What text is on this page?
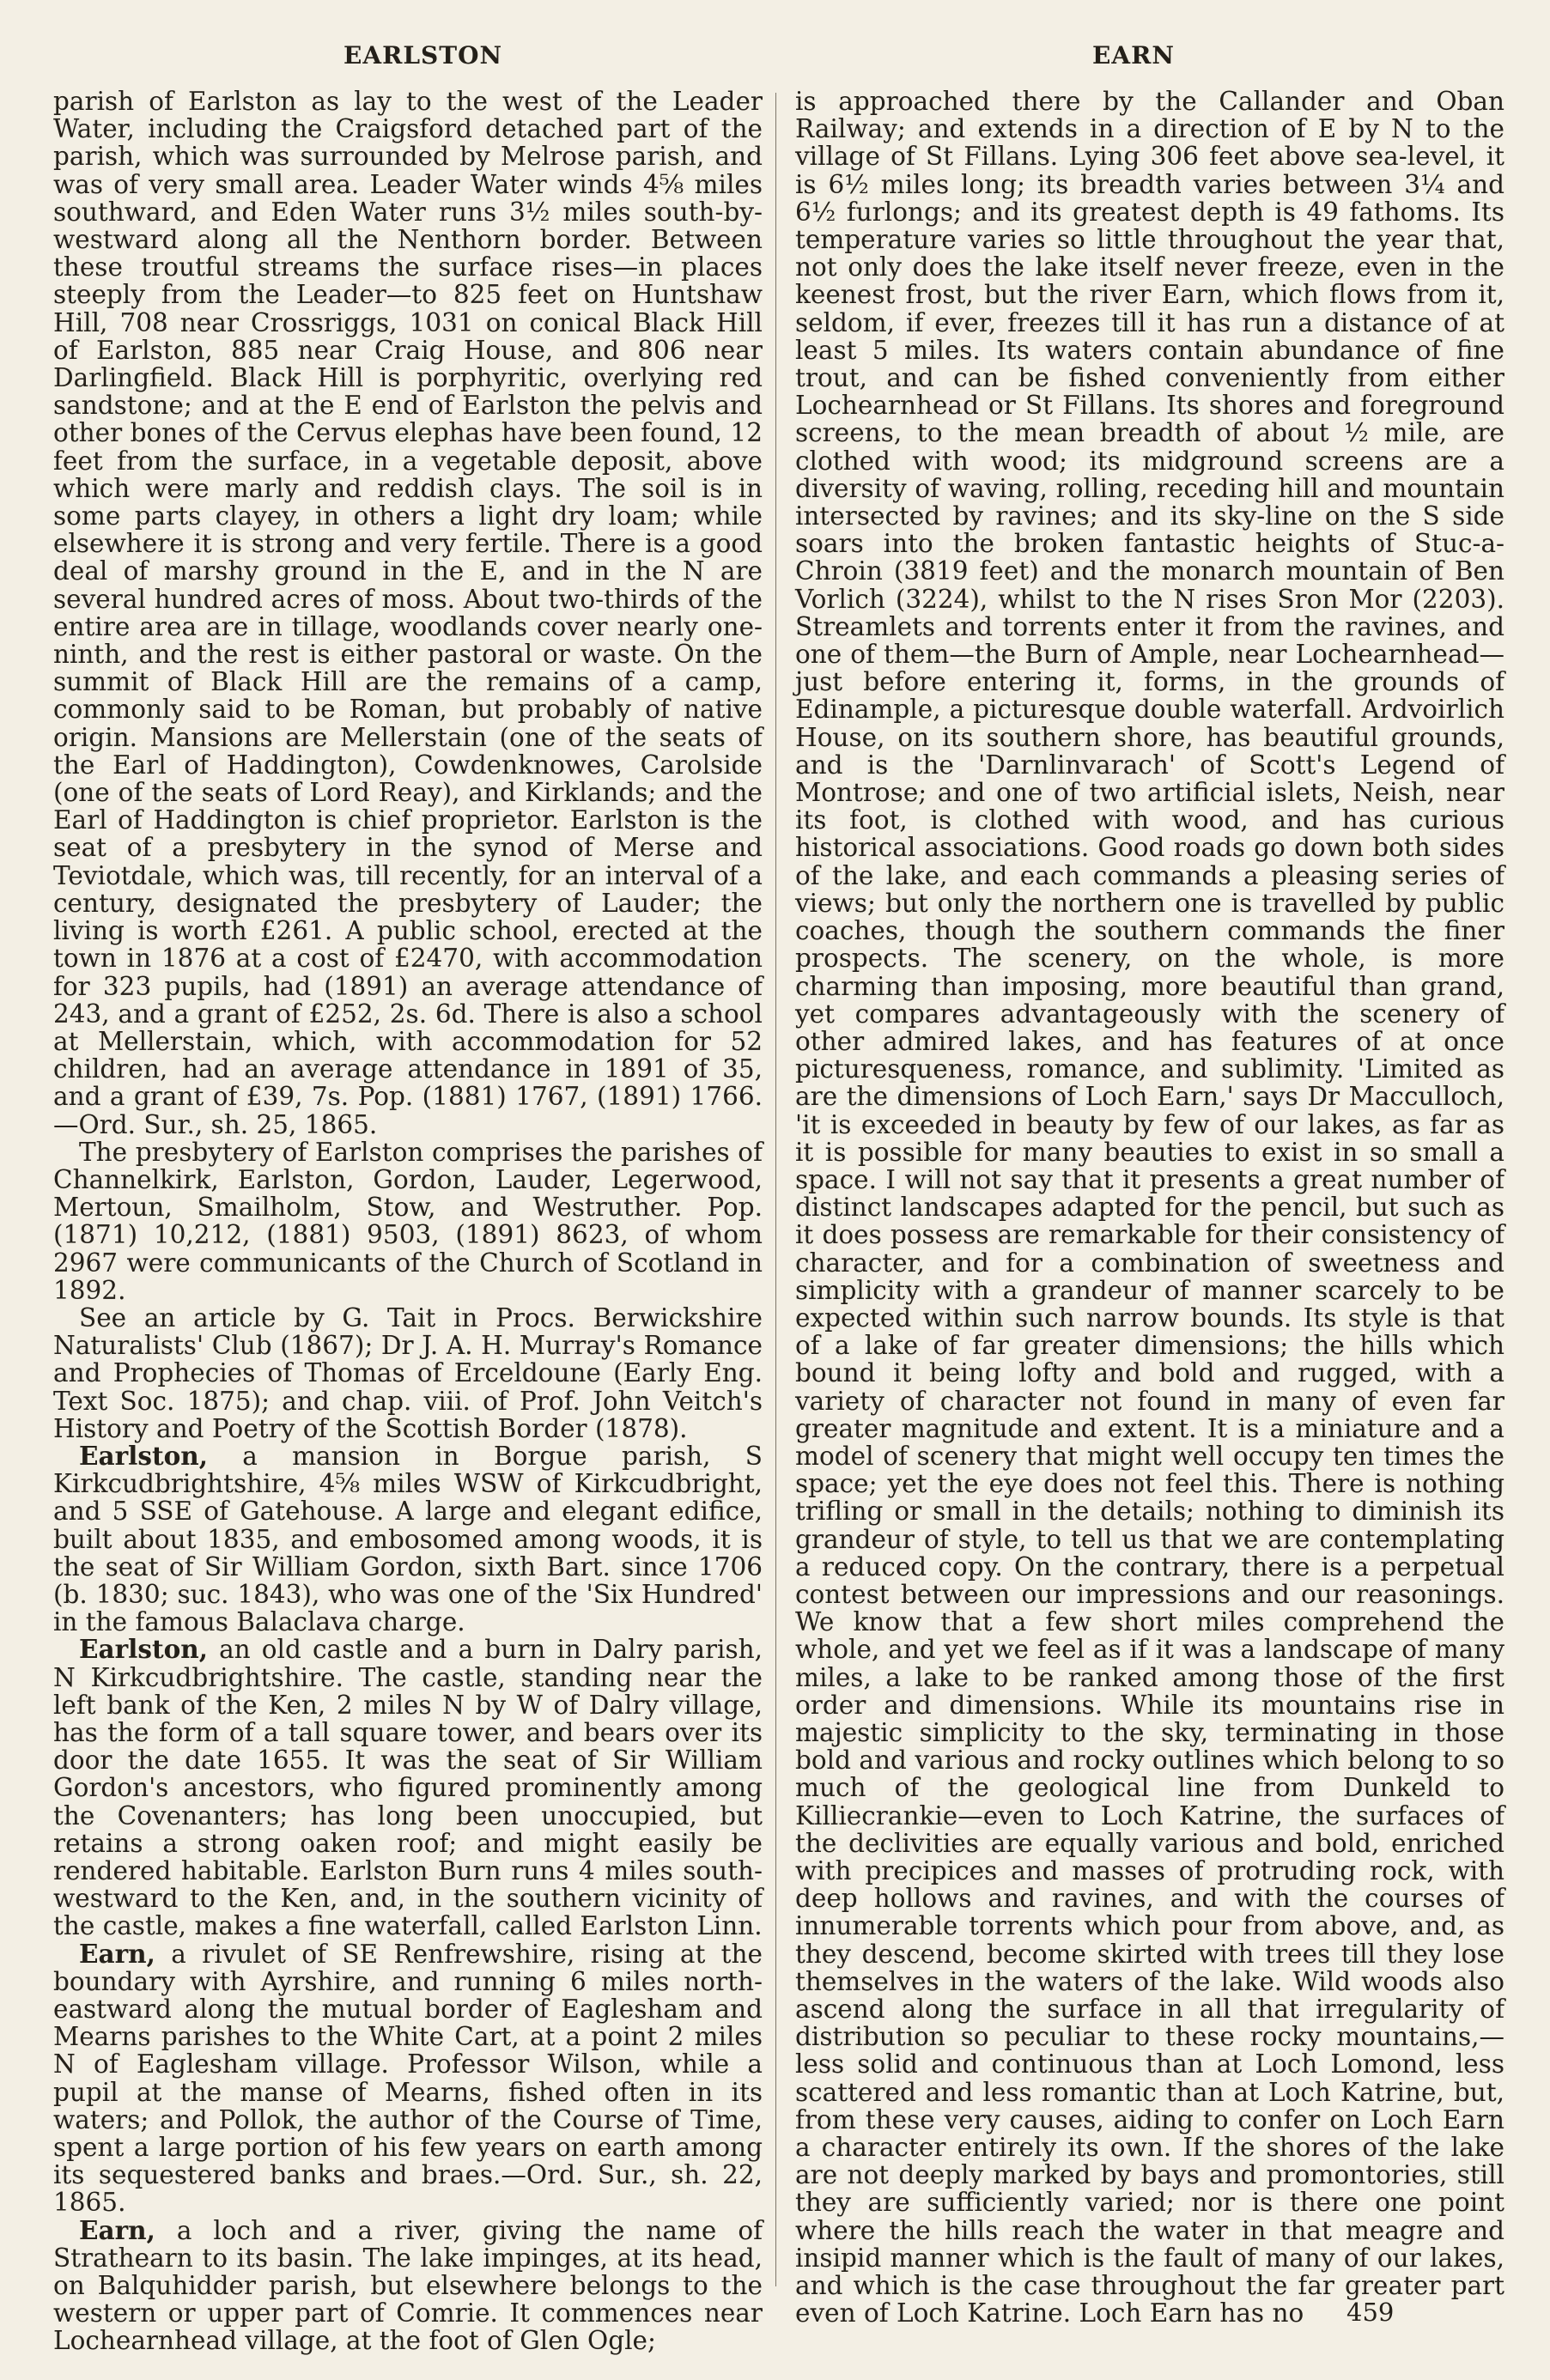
EARLSTON	EARN

parish of Earlston as lay to the west of the Leader Water, including the Craigsford detached part of the parish, which was surrounded by Melrose parish, and was of very small area. Leader Water winds 4⅝ miles southward, and Eden Water runs 3½ miles south-by-westward along all the Nenthorn border. Between these troutful streams the surface rises—in places steeply from the Leader—to 825 feet on Huntshaw Hill, 708 near Crossriggs, 1031 on conical Black Hill of Earlston, 885 near Craig House, and 806 near Darlingfield. Black Hill is porphyritic, overlying red sandstone; and at the E end of Earlston the pelvis and other bones of the Cervus elephas have been found, 12 feet from the surface, in a vegetable deposit, above which were marly and reddish clays. The soil is in some parts clayey, in others a light dry loam; while elsewhere it is strong and very fertile. There is a good deal of marshy ground in the E, and in the N are several hundred acres of moss. About two-thirds of the entire area are in tillage, woodlands cover nearly one-ninth, and the rest is either pastoral or waste. On the summit of Black Hill are the remains of a camp, commonly said to be Roman, but probably of native origin. Mansions are Mellerstain (one of the seats of the Earl of Haddington), Cowdenknowes, Carolside (one of the seats of Lord Reay), and Kirklands; and the Earl of Haddington is chief proprietor. Earlston is the seat of a presbytery in the synod of Merse and Teviotdale, which was, till recently, for an interval of a century, designated the presbytery of Lauder; the living is worth £261. A public school, erected at the town in 1876 at a cost of £2470, with accommodation for 323 pupils, had (1891) an average attendance of 243, and a grant of £252, 2s. 6d. There is also a school at Mellerstain, which, with accommodation for 52 children, had an average attendance in 1891 of 35, and a grant of £39, 7s. Pop. (1881) 1767, (1891) 1766.—Ord. Sur., sh. 25, 1865.

The presbytery of Earlston comprises the parishes of Channelkirk, Earlston, Gordon, Lauder, Legerwood, Mertoun, Smailholm, Stow, and Westruther. Pop. (1871) 10,212, (1881) 9503, (1891) 8623, of whom 2967 were communicants of the Church of Scotland in 1892.

See an article by G. Tait in Procs. Berwickshire Naturalists' Club (1867); Dr J. A. H. Murray's Romance and Prophecies of Thomas of Erceldoune (Early Eng. Text Soc. 1875); and chap. viii. of Prof. John Veitch's History and Poetry of the Scottish Border (1878).

Earlston, a mansion in Borgue parish, S Kirkcudbrightshire, 4⅝ miles WSW of Kirkcudbright, and 5 SSE of Gatehouse. A large and elegant edifice, built about 1835, and embosomed among woods, it is the seat of Sir William Gordon, sixth Bart. since 1706 (b. 1830; suc. 1843), who was one of the 'Six Hundred' in the famous Balaclava charge.

Earlston, an old castle and a burn in Dalry parish, N Kirkcudbrightshire. The castle, standing near the left bank of the Ken, 2 miles N by W of Dalry village, has the form of a tall square tower, and bears over its door the date 1655. It was the seat of Sir William Gordon's ancestors, who figured prominently among the Covenanters; has long been unoccupied, but retains a strong oaken roof; and might easily be rendered habitable. Earlston Burn runs 4 miles south-westward to the Ken, and, in the southern vicinity of the castle, makes a fine waterfall, called Earlston Linn.

Earn, a rivulet of SE Renfrewshire, rising at the boundary with Ayrshire, and running 6 miles north-eastward along the mutual border of Eaglesham and Mearns parishes to the White Cart, at a point 2 miles N of Eaglesham village. Professor Wilson, while a pupil at the manse of Mearns, fished often in its waters; and Pollok, the author of the Course of Time, spent a large portion of his few years on earth among its sequestered banks and braes.—Ord. Sur., sh. 22, 1865.

Earn, a loch and a river, giving the name of Strathearn to its basin. The lake impinges, at its head, on Balquhidder parish, but elsewhere belongs to the western or upper part of Comrie. It commences near Lochearnhead village, at the foot of Glen Ogle;

is approached there by the Callander and Oban Railway; and extends in a direction of E by N to the village of St Fillans. Lying 306 feet above sea-level, it is 6½ miles long; its breadth varies between 3¼ and 6½ furlongs; and its greatest depth is 49 fathoms. Its temperature varies so little throughout the year that, not only does the lake itself never freeze, even in the keenest frost, but the river Earn, which flows from it, seldom, if ever, freezes till it has run a distance of at least 5 miles. Its waters contain abundance of fine trout, and can be fished conveniently from either Lochearnhead or St Fillans. Its shores and foreground screens, to the mean breadth of about ½ mile, are clothed with wood; its midground screens are a diversity of waving, rolling, receding hill and mountain intersected by ravines; and its sky-line on the S side soars into the broken fantastic heights of Stuc-a-Chroin (3819 feet) and the monarch mountain of Ben Vorlich (3224), whilst to the N rises Sron Mor (2203). Streamlets and torrents enter it from the ravines, and one of them—the Burn of Ample, near Lochearnhead—just before entering it, forms, in the grounds of Edinample, a picturesque double waterfall. Ardvoirlich House, on its southern shore, has beautiful grounds, and is the 'Darnlinvarach' of Scott's Legend of Montrose; and one of two artificial islets, Neish, near its foot, is clothed with wood, and has curious historical associations. Good roads go down both sides of the lake, and each commands a pleasing series of views; but only the northern one is travelled by public coaches, though the southern commands the finer prospects. The scenery, on the whole, is more charming than imposing, more beautiful than grand, yet compares advantageously with the scenery of other admired lakes, and has features of at once picturesqueness, romance, and sublimity. 'Limited as are the dimensions of Loch Earn,' says Dr Macculloch, 'it is exceeded in beauty by few of our lakes, as far as it is possible for many beauties to exist in so small a space. I will not say that it presents a great number of distinct landscapes adapted for the pencil, but such as it does possess are remarkable for their consistency of character, and for a combination of sweetness and simplicity with a grandeur of manner scarcely to be expected within such narrow bounds. Its style is that of a lake of far greater dimensions; the hills which bound it being lofty and bold and rugged, with a variety of character not found in many of even far greater magnitude and extent. It is a miniature and a model of scenery that might well occupy ten times the space; yet the eye does not feel this. There is nothing trifling or small in the details; nothing to diminish its grandeur of style, to tell us that we are contemplating a reduced copy. On the contrary, there is a perpetual contest between our impressions and our reasonings. We know that a few short miles comprehend the whole, and yet we feel as if it was a landscape of many miles, a lake to be ranked among those of the first order and dimensions. While its mountains rise in majestic simplicity to the sky, terminating in those bold and various and rocky outlines which belong to so much of the geological line from Dunkeld to Killiecrankie—even to Loch Katrine, the surfaces of the declivities are equally various and bold, enriched with precipices and masses of protruding rock, with deep hollows and ravines, and with the courses of innumerable torrents which pour from above, and, as they descend, become skirted with trees till they lose themselves in the waters of the lake. Wild woods also ascend along the surface in all that irregularity of distribution so peculiar to these rocky mountains,—less solid and continuous than at Loch Lomond, less scattered and less romantic than at Loch Katrine, but, from these very causes, aiding to confer on Loch Earn a character entirely its own. If the shores of the lake are not deeply marked by bays and promontories, still they are sufficiently varied; nor is there one point where the hills reach the water in that meagre and insipid manner which is the fault of many of our lakes, and which is the case throughout the far greater part even of Loch Katrine. Loch Earn has no	459
